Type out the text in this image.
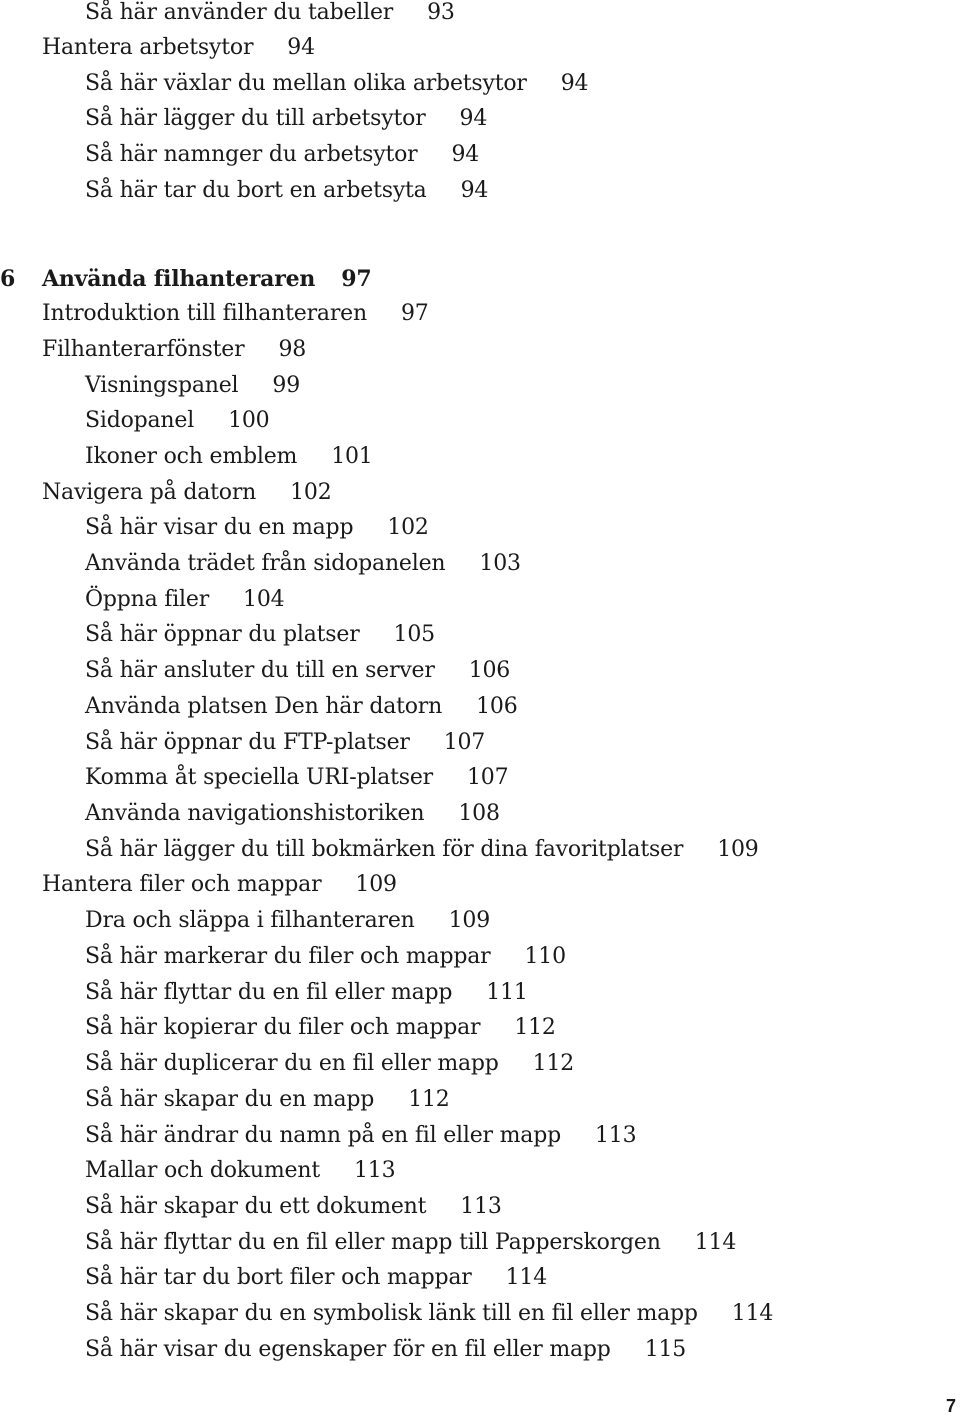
Så här använder du tabeller 93
Hantera arbetsytor 94
Så här växlar du mellan olika arbetsytor 94
Så här lägger du till arbetsytor 94
Så här namnger du arbetsytor 94
Så här tar du bort en arbetsyta 94
6 Använda filhanteraren 97
Introduktion till filhanteraren 97
Filhanterarfönster 98
Visningspanel 99
Sidopanel 100
Ikoner och emblem 101
Navigera på datorn 102
Så här visar du en mapp 102
Använda trädet från sidopanelen 103
Öppna filer 104
Så här öppnar du platser 105
Så här ansluter du till en server 106
Använda platsen Den här datorn 106
Så här öppnar du FTP-platser 107
Komma åt speciella URI-platser 107
Använda navigationshistoriken 108
Så här lägger du till bokmärken för dina favoritplatser 109
Hantera filer och mappar 109
Dra och släppa i filhanteraren 109
Så här markerar du filer och mappar 110
Så här flyttar du en fil eller mapp 111
Så här kopierar du filer och mappar 112
Så här duplicerar du en fil eller mapp 112
Så här skapar du en mapp 112
Så här ändrar du namn på en fil eller mapp 113
Mallar och dokument 113
Så här skapar du ett dokument 113
Så här flyttar du en fil eller mapp till Papperskorgen 114
Så här tar du bort filer och mappar 114
Så här skapar du en symbolisk länk till en fil eller mapp 114
Så här visar du egenskaper för en fil eller mapp 115
7
